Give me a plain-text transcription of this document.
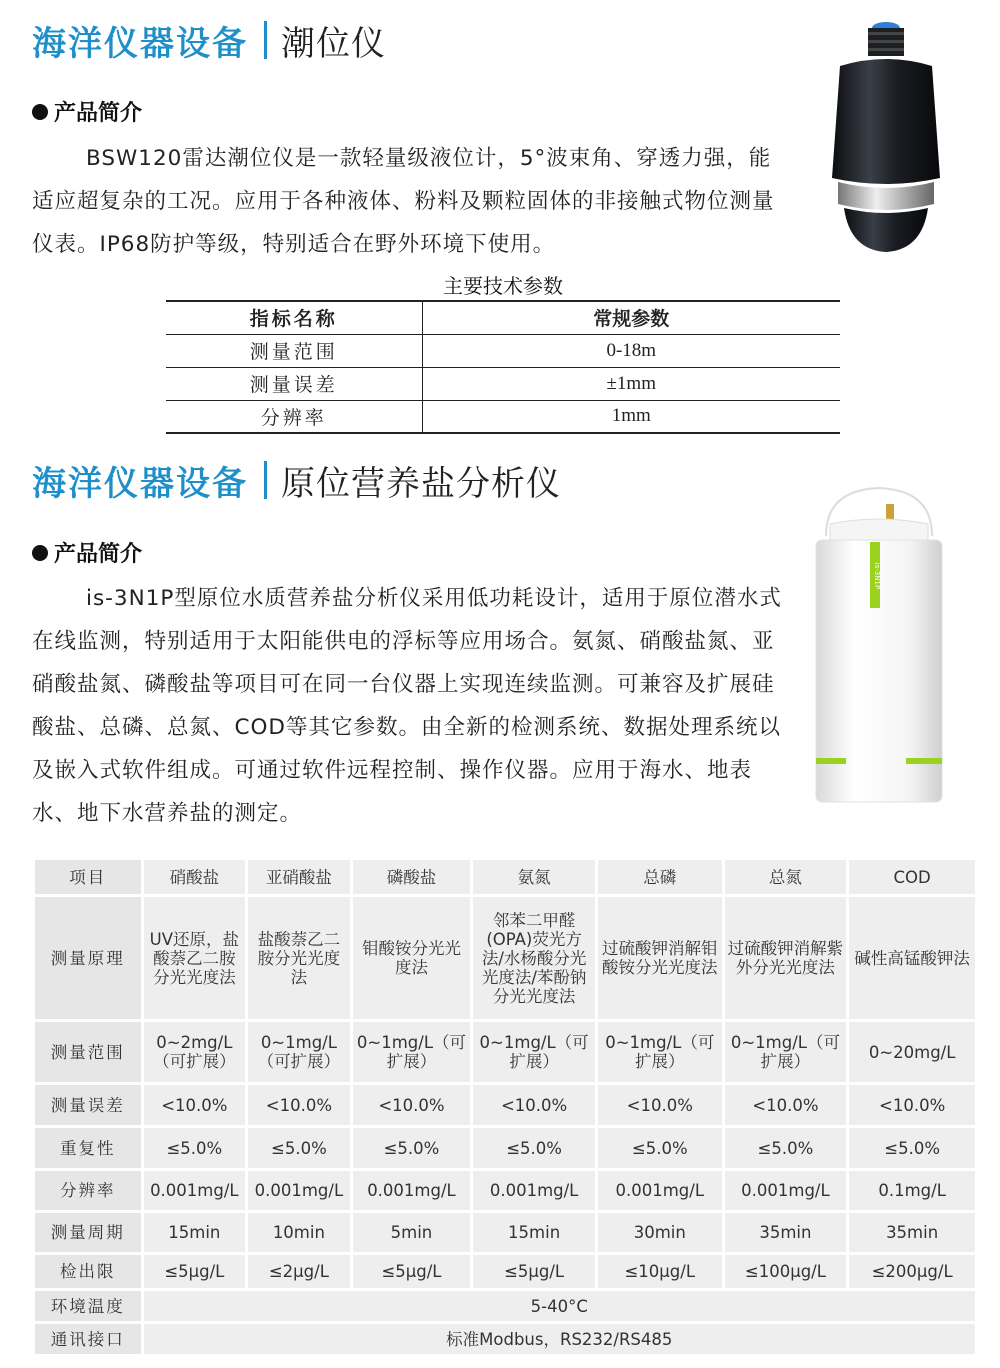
海洋仪器设备 潮位仪
产品简介
BSW120雷达潮位仪是一款轻量级液位计，5°波束角、穿透力强，能适应超复杂的工况。应用于各种液体、粉料及颗粒固体的非接触式物位测量仪表。IP68防护等级，特别适合在野外环境下使用。
主要技术参数
指标名称	常规参数
测量范围	0-18m
测量误差	±1mm
分辨率	1mm
海洋仪器设备 原位营养盐分析仪
产品简介
is-3N1P型原位水质营养盐分析仪采用低功耗设计，适用于原位潜水式在线监测，特别适用于太阳能供电的浮标等应用场合。氨氮、硝酸盐氮、亚硝酸盐氮、磷酸盐等项目可在同一台仪器上实现连续监测。可兼容及扩展硅酸盐、总磷、总氮、COD等其它参数。由全新的检测系统、数据处理系统以及嵌入式软件组成。可通过软件远程控制、操作仪器。应用于海水、地表水、地下水营养盐的测定。
is-3N1P
项目	硝酸盐	亚硝酸盐	磷酸盐	氨氮	总磷	总氮	COD
测量原理	UV还原，盐酸萘乙二胺分光光度法	盐酸萘乙二胺分光光度法	钼酸铵分光光度法	邻苯二甲醛(OPA)荧光方法/水杨酸分光光度法/苯酚钠分光光度法	过硫酸钾消解钼酸铵分光光度法	过硫酸钾消解紫外分光光度法	碱性高锰酸钾法
测量范围	0~2mg/L（可扩展）	0~1mg/L（可扩展）	0~1mg/L（可扩展）	0~1mg/L（可扩展）	0~1mg/L（可扩展）	0~1mg/L（可扩展）	0~20mg/L
测量误差	<10.0%	<10.0%	<10.0%	<10.0%	<10.0%	<10.0%	<10.0%
重复性	≤5.0%	≤5.0%	≤5.0%	≤5.0%	≤5.0%	≤5.0%	≤5.0%
分辨率	0.001mg/L	0.001mg/L	0.001mg/L	0.001mg/L	0.001mg/L	0.001mg/L	0.1mg/L
测量周期	15min	10min	5min	15min	30min	35min	35min
检出限	≤5μg/L	≤2μg/L	≤5μg/L	≤5μg/L	≤10μg/L	≤100μg/L	≤200μg/L
环境温度	5-40°C						
通讯接口	标准Modbus，RS232/RS485						
